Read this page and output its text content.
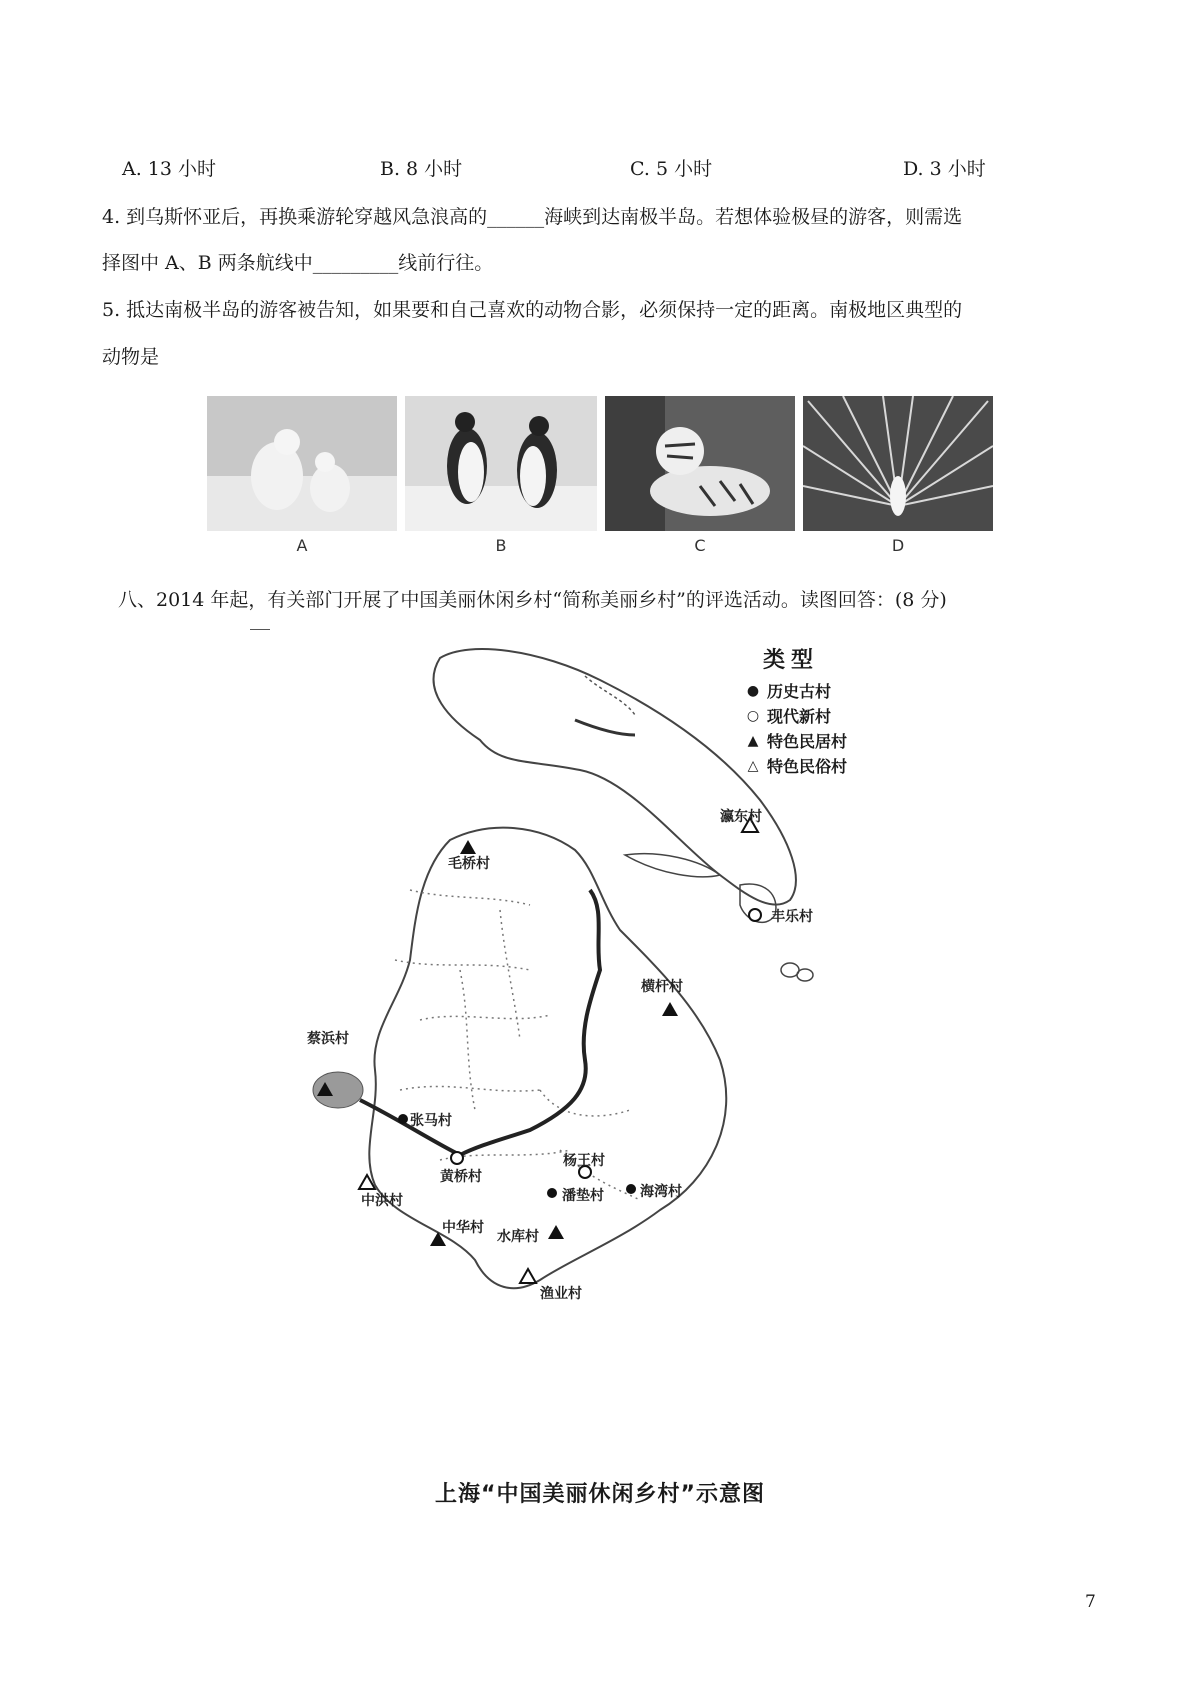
A. 13 小时	B. 8 小时	C. 5 小时	D. 3 小时
4. 到乌斯怀亚后，再换乘游轮穿越风急浪高的______海峡到达南极半岛。若想体验极昼的游客，则需选
择图中 A、B 两条航线中_________线前行往。
5. 抵达南极半岛的游客被告知，如果要和自己喜欢的动物合影，必须保持一定的距离。南极地区典型的
动物是
A	B	C	D
八、2014 年起，有关部门开展了中国美丽休闲乡村“简称美丽乡村”的评选活动。读图回答：(8 分)
类型
● 历史古村
○ 现代新村
▲ 特色民居村
△ 特色民俗村
瀛东村
丰乐村
毛桥村
横杆村
蔡浜村
张马村
黄桥村
中洪村
杨王村
潘垫村	海湾村
中华村
水库村
渔业村
上海“中国美丽休闲乡村”示意图
7
